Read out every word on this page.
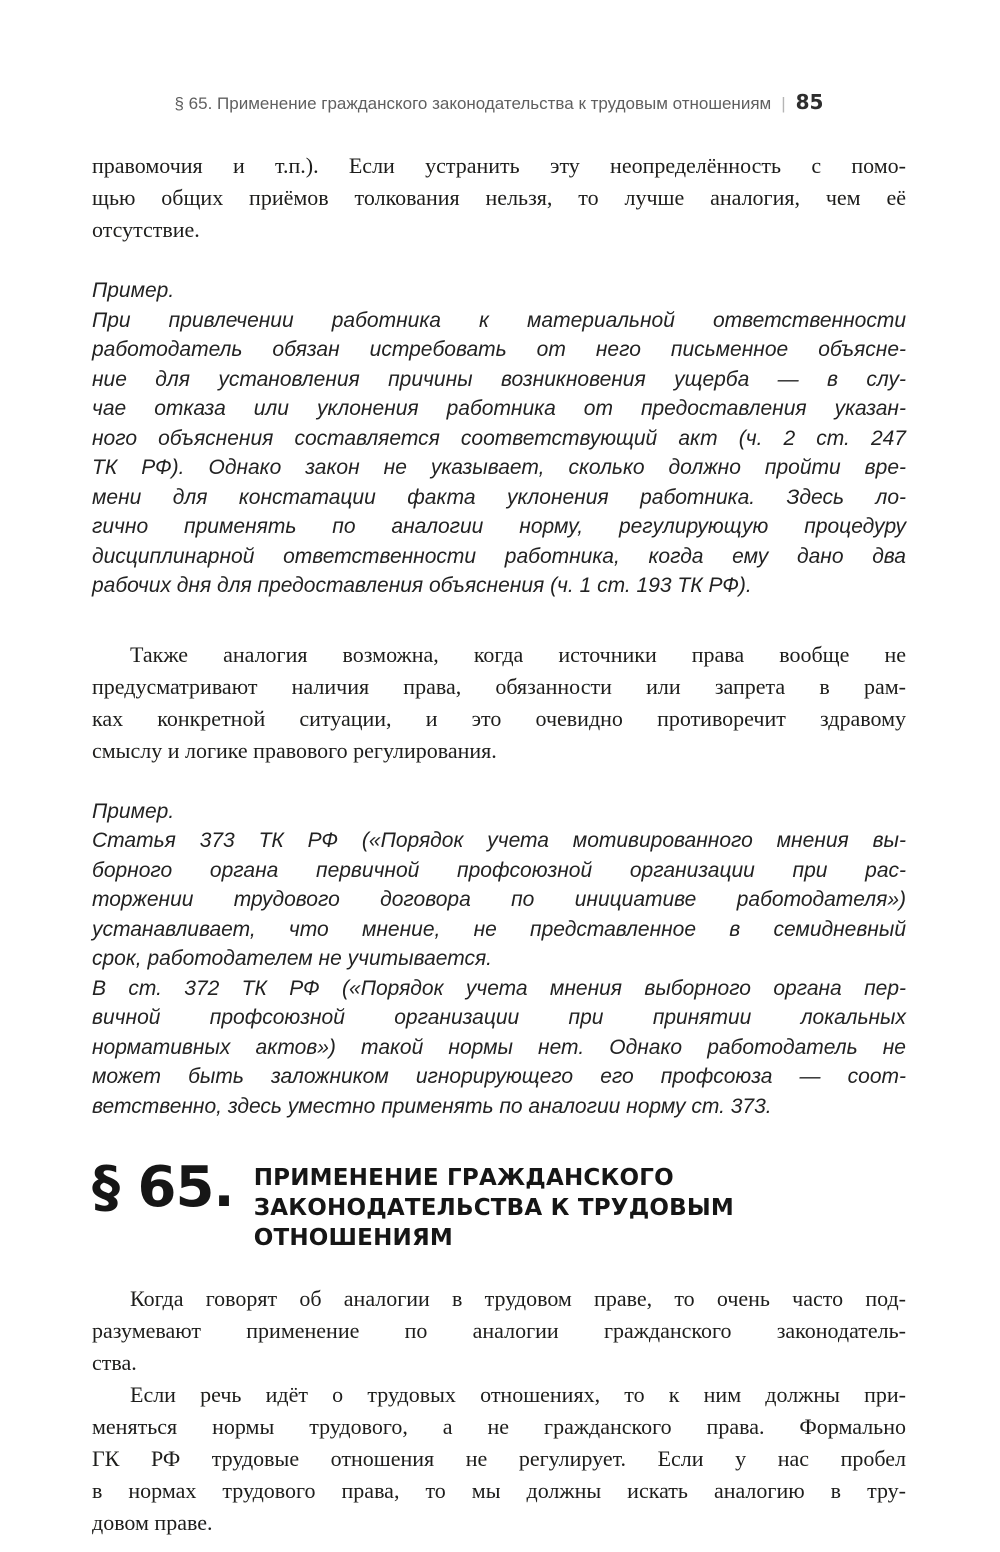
§ 65. Применение гражданского законодательства к трудовым отношениям | 85
правомочия и т.п.). Если устранить эту неопределённость с помо-
щью общих приёмов толкования нельзя, то лучше аналогия, чем её
отсутствие.
Пример.
При привлечении работника к материальной ответственности
работодатель обязан истребовать от него письменное объясне-
ние для установления причины возникновения ущерба — в слу-
чае отказа или уклонения работника от предоставления указан-
ного объяснения составляется соответствующий акт (ч. 2 ст. 247
ТК РФ). Однако закон не указывает, сколько должно пройти вре-
мени для констатации факта уклонения работника. Здесь ло-
гично применять по аналогии норму, регулирующую процедуру
дисциплинарной ответственности работника, когда ему дано два
рабочих дня для предоставления объяснения (ч. 1 ст. 193 ТК РФ).
Также аналогия возможна, когда источники права вообще не
предусматривают наличия права, обязанности или запрета в рам-
ках конкретной ситуации, и это очевидно противоречит здравому
смыслу и логике правового регулирования.
Пример.
Статья 373 ТК РФ («Порядок учета мотивированного мнения вы-
борного органа первичной профсоюзной организации при рас-
торжении трудового договора по инициативе работодателя»)
устанавливает, что мнение, не представленное в семидневный
срок, работодателем не учитывается.
В ст. 372 ТК РФ («Порядок учета мнения выборного органа пер-
вичной профсоюзной организации при принятии локальных
нормативных актов») такой нормы нет. Однако работодатель не
может быть заложником игнорирующего его профсоюза — соот-
ветственно, здесь уместно применять по аналогии норму ст. 373.
§ 65. ПРИМЕНЕНИЕ ГРАЖДАНСКОГО
ЗАКОНОДАТЕЛЬСТВА К ТРУДОВЫМ
ОТНОШЕНИЯМ
Когда говорят об аналогии в трудовом праве, то очень часто под-
разумевают применение по аналогии гражданского законодатель-
ства.
Если речь идёт о трудовых отношениях, то к ним должны при-
меняться нормы трудового, а не гражданского права. Формально
ГК РФ трудовые отношения не регулирует. Если у нас пробел
в нормах трудового права, то мы должны искать аналогию в тру-
довом праве.
